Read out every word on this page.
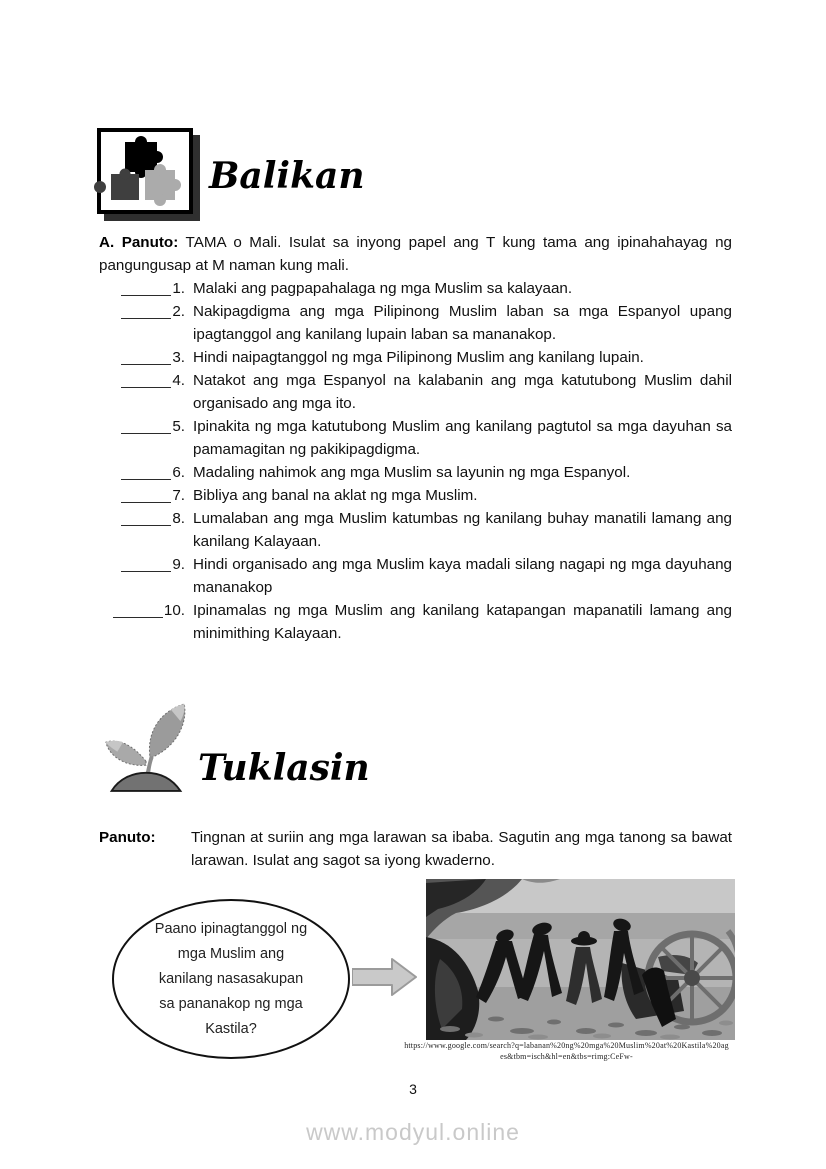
Balikan

A. Panuto: TAMA o Mali. Isulat sa inyong papel ang T kung tama ang ipinahahayag ng pangungusap at M naman kung mali.

1. Malaki ang pagpapahalaga ng mga Muslim sa kalayaan.
2. Nakipagdigma ang mga Pilipinong Muslim laban sa mga Espanyol upang ipagtanggol ang kanilang lupain laban sa mananakop.
3. Hindi naipagtanggol ng mga Pilipinong Muslim ang kanilang lupain.
4. Natakot ang mga Espanyol na kalabanin ang mga katutubong Muslim dahil organisado ang mga ito.
5. Ipinakita ng mga katutubong Muslim ang kanilang pagtutol sa mga dayuhan sa pamamagitan ng pakikipagdigma.
6. Madaling nahimok ang mga Muslim sa layunin ng mga Espanyol.
7. Bibliya ang banal na aklat ng mga Muslim.
8. Lumalaban ang mga Muslim katumbas ng kanilang buhay manatili lamang ang kanilang Kalayaan.
9. Hindi organisado ang mga Muslim kaya madali silang nagapi ng mga dayuhang mananakop
10. Ipinamalas ng mga Muslim ang kanilang katapangan mapanatili lamang ang minimithing Kalayaan.
Tuklasin
Panuto: Tingnan at suriin ang mga larawan sa ibaba. Sagutin ang mga tanong sa bawat larawan. Isulat ang sagot sa iyong kwaderno.
Paano ipinagtanggol ng
mga Muslim ang
kanilang nasasakupan
sa pananakop ng mga
Kastila?
https://www.google.com/search?q=labanan%20ng%20mga%20Muslim%20at%20Kastila%20ag
es&tbm=isch&hl=en&tbs=rimg:CeFw-
3
www.modyul.online
